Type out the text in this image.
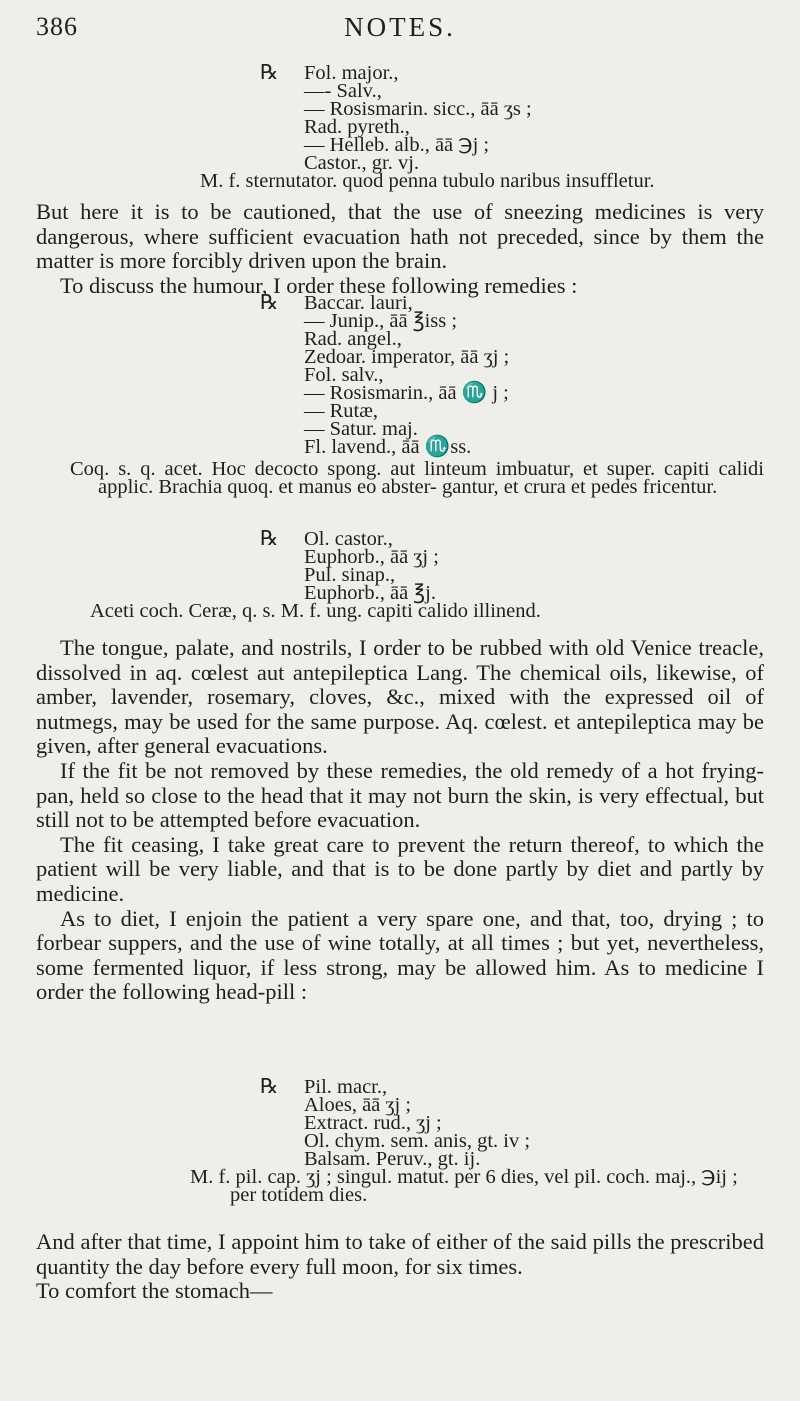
386	NOTES.
℞ Fol. major.,
—- Salv.,
— Rosismarin. sicc., āā ʒs ;
Rad. pyreth.,
— Helleb. alb., āā ℈j ;
Castor., gr. vj.
M. f. sternutator. quod penna tubulo naribus insuffletur.

But here it is to be cautioned, that the use of sneezing medicines is very dangerous, where sufficient evacuation hath not preceded, since by them the matter is more forcibly driven upon the brain.

To discuss the humour, I order these following remedies :

℞ Baccar. lauri,
— Junip., āā ℥iss ;
Rad. angel.,
Zedoar. imperator, āā ʒj ;
Fol. salv.,
— Rosismarin., āā ♏ j ;
— Rutæ,
— Satur. maj.
Fl. lavend., āā ♏ss.
Coq. s. q. acet. Hoc decocto spong. aut linteum imbuatur, et super. capiti calidi applic. Brachia quoq. et manus eo abster- gantur, et crura et pedes fricentur.
℞ Ol. castor.,
Euphorb., āā ʒj ;
Pul. sinap.,
Euphorb., āā ℥j.
Aceti coch. Ceræ, q. s. M. f. ung. capiti calido illinend.

The tongue, palate, and nostrils, I order to be rubbed with old Venice treacle, dissolved in aq. cœlest aut antepileptica Lang. The chemical oils, likewise, of amber, lavender, rosemary, cloves, &c., mixed with the expressed oil of nutmegs, may be used for the same purpose. Aq. cœlest. et antepileptica may be given, after general evacuations.

If the fit be not removed by these remedies, the old remedy of a hot frying-pan, held so close to the head that it may not burn the skin, is very effectual, but still not to be attempted before evacuation.

The fit ceasing, I take great care to prevent the return thereof, to which the patient will be very liable, and that is to be done partly by diet and partly by medicine.

As to diet, I enjoin the patient a very spare one, and that, too, drying ; to forbear suppers, and the use of wine totally, at all times ; but yet, nevertheless, some fermented liquor, if less strong, may be allowed him. As to medicine I order the following head-pill :

℞ Pil. macr.,
Aloes, āā ʒj ;
Extract. rud., ʒj ;
Ol. chym. sem. anis, gt. iv ;
Balsam. Peruv., gt. ij.
M. f. pil. cap. ʒj ; singul. matut. per 6 dies, vel pil. coch. maj., ℈ij ;
per totidem dies.

And after that time, I appoint him to take of either of the said pills the prescribed quantity the day before every full moon, for six times.

To comfort the stomach—
